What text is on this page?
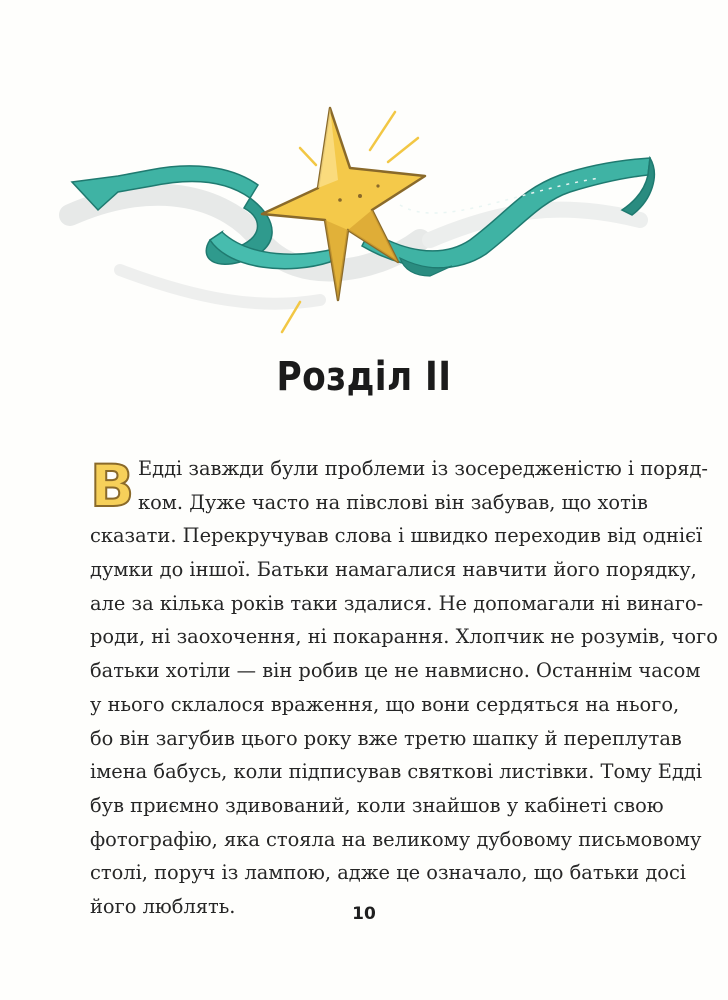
Розділ ІІ
В Едді завжди були проблеми із зосередженістю і поряд-
ком. Дуже часто на півслові він забував, що хотів
сказати. Перекручував слова і швидко переходив від однієї
думки до іншої. Батьки намагалися навчити його порядку,
але за кілька років таки здалися. Не допомагали ні винаго-
роди, ні заохочення, ні покарання. Хлопчик не розумів, чого
батьки хотіли — він робив це не навмисно. Останнім часом
у нього склалося враження, що вони сердяться на нього,
бо він загубив цього року вже третю шапку й переплутав
імена бабусь, коли підписував святкові листівки. Тому Едді
був приємно здивований, коли знайшов у кабінеті свою
фотографію, яка стояла на великому дубовому письмовому
столі, поруч із лампою, адже це означало, що батьки досі
його люблять.	10
